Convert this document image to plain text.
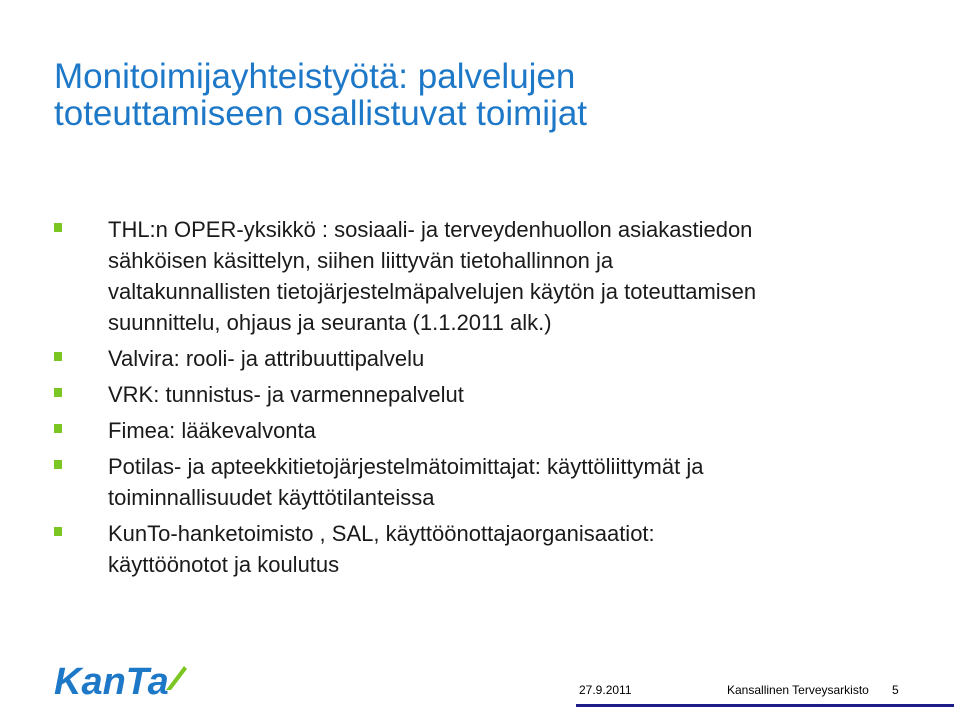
Monitoimijayhteistyötä: palvelujen
toteuttamiseen osallistuvat toimijat
THL:n OPER-yksikkö : sosiaali- ja terveydenhuollon asiakastiedon
sähköisen käsittelyn, siihen liittyvän tietohallinnon ja
valtakunnallisten tietojärjestelmäpalvelujen käytön ja toteuttamisen
suunnittelu, ohjaus ja seuranta (1.1.2011 alk.)
Valvira: rooli- ja attribuuttipalvelu
VRK: tunnistus- ja varmennepalvelut
Fimea: lääkevalvonta
Potilas- ja apteekkitietojärjestelmätoimittajat: käyttöliittymät ja
toiminnallisuudet käyttötilanteissa
KunTo-hanketoimisto , SAL, käyttöönottajaorganisaatiot:
käyttöönotot ja koulutus
KanTa	27.9.2011	Kansallinen Terveysarkisto 5
